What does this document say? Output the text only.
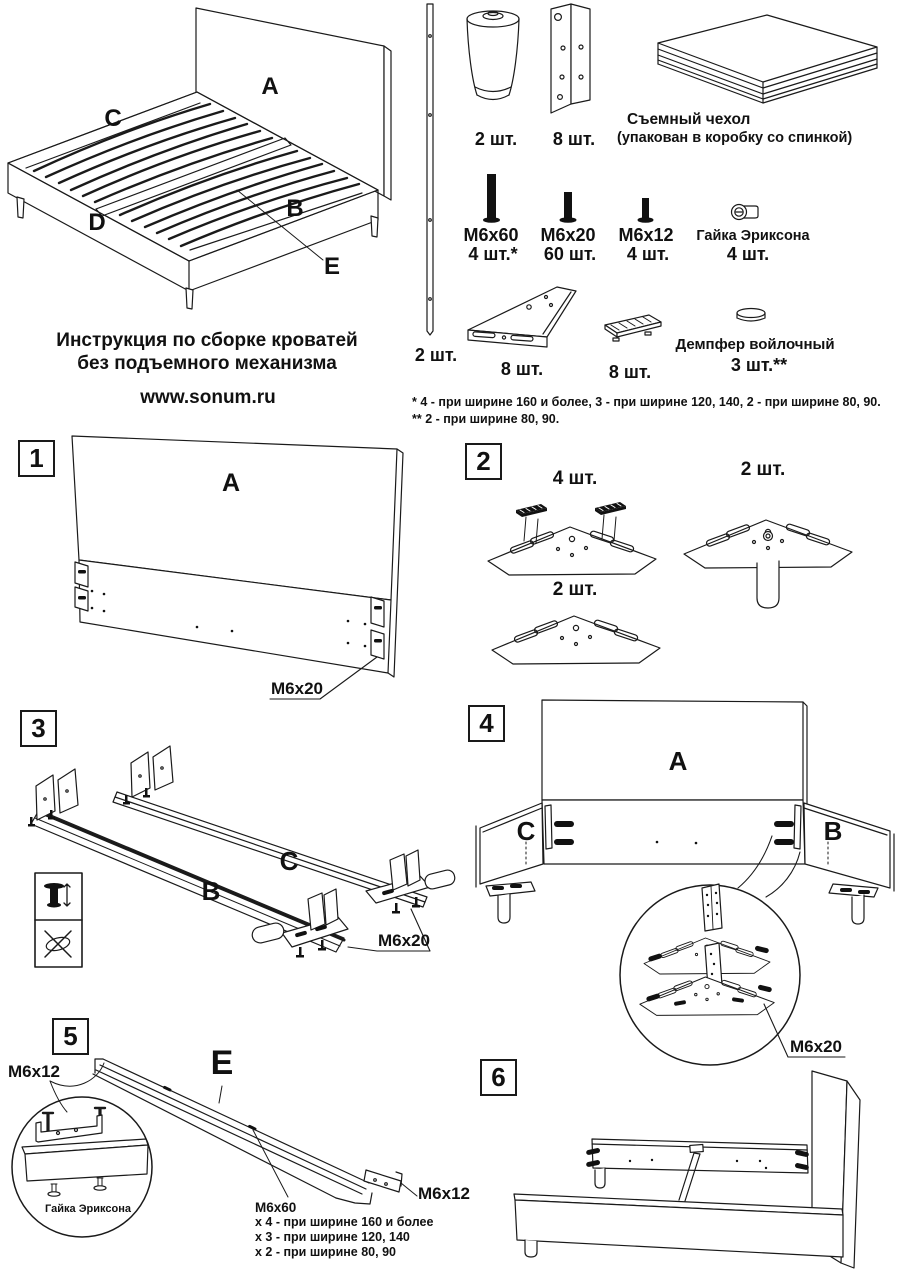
1	2
3	4
5
6
A
C
B
D
E
Инструкция по сборке кроватей
без подъемного механизма
www.sonum.ru
2 шт.
2 шт. 8 шт.
Съемный чехол
(упакован в коробку со спинкой)
M6x60
4 шт.*
M6x20
60 шт.
M6x12
4 шт.
Гайка Эриксона
4 шт.
8 шт.	8 шт.
Демпфер войлочный
3 шт.**
* 4 - при ширине 160 и более, 3 - при ширине 120, 140, 2 - при ширине 80, 90.
** 2 - при ширине 80, 90.
A
M6x20
4 шт.	2 шт.
2 шт.
C
B
M6x20
A
C	B
M6x20
M6x12	E
Гайка Эриксона
M6x12
M6x60
x 4 - при ширине 160 и более
x 3 - при ширине 120, 140
x 2 - при ширине 80, 90
